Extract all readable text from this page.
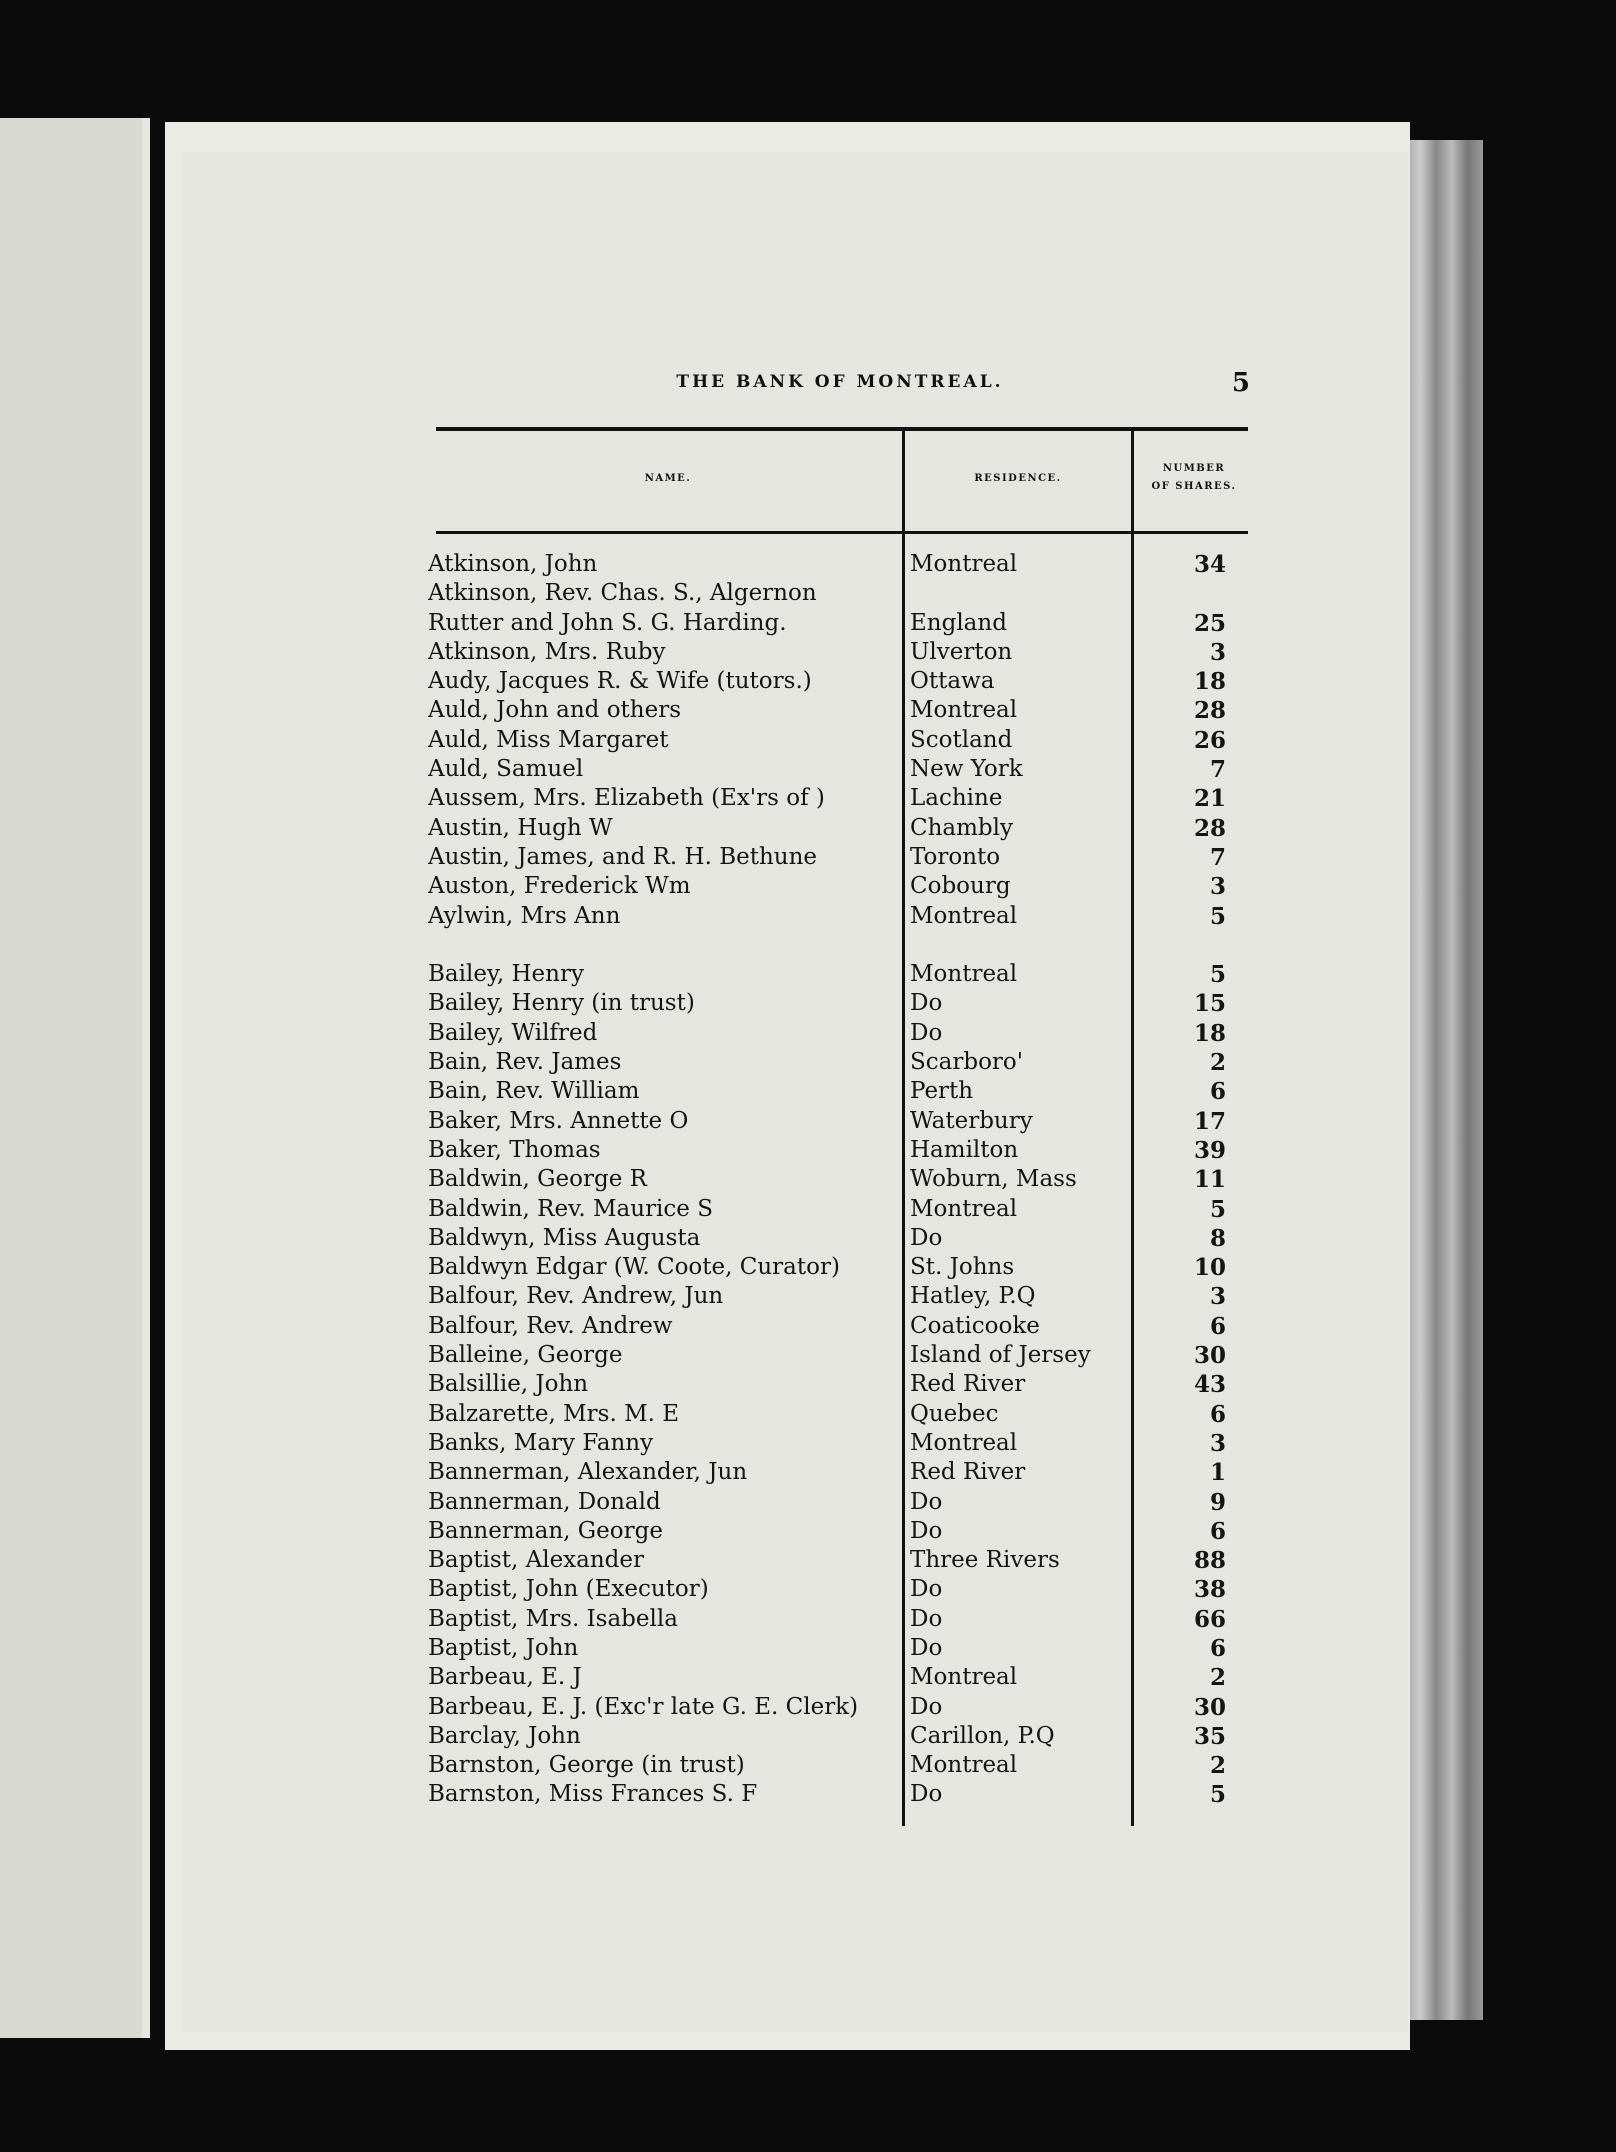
THE BANK OF MONTREAL.	5
NAME.	RESIDENCE.
NUMBER
OF SHARES.
Atkinson, John	Montreal	34
Atkinson, Rev. Chas. S., Algernon
Rutter and John S. G. Harding.	England	25
Atkinson, Mrs. Ruby	Ulverton	3
Audy, Jacques R. & Wife (tutors.)	Ottawa	18
Auld, John and others	Montreal	28
Auld, Miss Margaret	Scotland	26
Auld, Samuel	New York	7
Aussem, Mrs. Elizabeth (Ex'rs of )	Lachine	21
Austin, Hugh W	Chambly	28
Austin, James, and R. H. Bethune	Toronto	7
Auston, Frederick Wm	Cobourg	3
Aylwin, Mrs Ann	Montreal	5
Bailey, Henry	Montreal	5
Bailey, Henry (in trust)	Do	15
Bailey, Wilfred	Do	18
Bain, Rev. James	Scarboro'	2
Bain, Rev. William	Perth	6
Baker, Mrs. Annette O	Waterbury	17
Baker, Thomas	Hamilton	39
Baldwin, George R	Woburn, Mass	11
Baldwin, Rev. Maurice S	Montreal	5
Baldwyn, Miss Augusta	Do	8
Baldwyn Edgar (W. Coote, Curator)	St. Johns	10
Balfour, Rev. Andrew, Jun	Hatley, P.Q	3
Balfour, Rev. Andrew	Coaticooke	6
Balleine, George	Island of Jersey	30
Balsillie, John	Red River	43
Balzarette, Mrs. M. E	Quebec	6
Banks, Mary Fanny	Montreal	3
Bannerman, Alexander, Jun	Red River	1
Bannerman, Donald	Do	9
Bannerman, George	Do	6
Baptist, Alexander	Three Rivers	88
Baptist, John (Executor)	Do	38
Baptist, Mrs. Isabella	Do	66
Baptist, John	Do	6
Barbeau, E. J	Montreal	2
Barbeau, E. J. (Exc'r late G. E. Clerk)	Do	30
Barclay, John	Carillon, P.Q	35
Barnston, George (in trust)	Montreal	2
Barnston, Miss Frances S. F	Do	5
